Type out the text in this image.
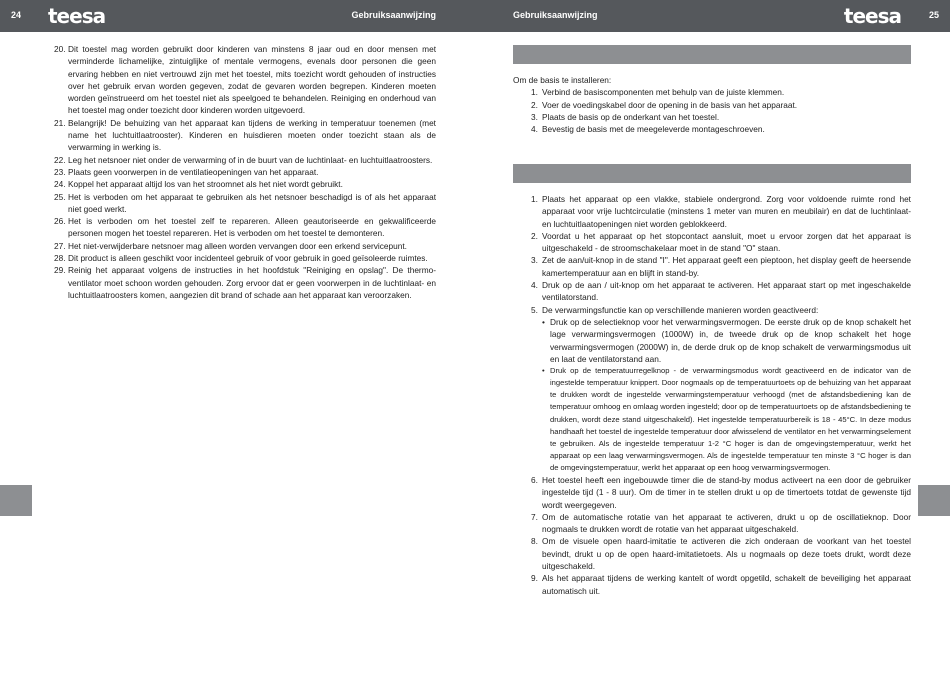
24	teesa	Gebruiksaanwijzing	Gebruiksaanwijzing	teesa	25
20. Dit toestel mag worden gebruikt door kinderen van minstens 8 jaar oud en door mensen met verminderde lichamelijke, zintuiglijke of mentale vermogens, evenals door personen die geen ervaring hebben en niet vertrouwd zijn met het toestel, mits toezicht wordt gehouden of instructies over het gebruik ervan worden gegeven, zodat de gevaren worden begrepen. Kinderen moeten worden geïnstrueerd om het toestel niet als speelgoed te behandelen. Reiniging en onderhoud van het toestel mag onder toezicht door kinderen worden uitgevoerd.
21. Belangrijk! De behuizing van het apparaat kan tijdens de werking in temperatuur toenemen (met name het luchtuitlaatrooster). Kinderen en huisdieren moeten onder toezicht staan als de verwarming in werking is.
22. Leg het netsnoer niet onder de verwarming of in de buurt van de luchtinlaat- en luchtuitlaatroosters.
23. Plaats geen voorwerpen in de ventilatieopeningen van het apparaat.
24. Koppel het apparaat altijd los van het stroomnet als het niet wordt gebruikt.
25. Het is verboden om het apparaat te gebruiken als het netsnoer beschadigd is of als het apparaat niet goed werkt.
26. Het is verboden om het toestel zelf te repareren. Alleen geautoriseerde en gekwalificeerde personen mogen het toestel repareren. Het is verboden om het toestel te demonteren.
27. Het niet-verwijderbare netsnoer mag alleen worden vervangen door een erkend servicepunt.
28. Dit product is alleen geschikt voor incidenteel gebruik of voor gebruik in goed geïsoleerde ruimtes.
29. Reinig het apparaat volgens de instructies in het hoofdstuk "Reiniging en opslag". De thermo-ventilator moet schoon worden gehouden. Zorg ervoor dat er geen voorwerpen in de luchtinlaat- en luchtuitlaatroosters komen, aangezien dit brand of schade aan het apparaat kan veroorzaken.

Om de basis te installeren:

1. Verbind de basiscomponenten met behulp van de juiste klemmen.
2. Voer de voedingskabel door de opening in de basis van het apparaat.
3. Plaats de basis op de onderkant van het toestel.
4. Bevestig de basis met de meegeleverde montageschroeven.
1. Plaats het apparaat op een vlakke, stabiele ondergrond. Zorg voor voldoende ruimte rond het apparaat voor vrije luchtcirculatie (minstens 1 meter van muren en meubilair) en dat de luchtinlaat- en luchtuitlaatopeningen niet worden geblokkeerd.
2. Voordat u het apparaat op het stopcontact aansluit, moet u ervoor zorgen dat het apparaat is uitgeschakeld - de stroomschakelaar moet in de stand "O" staan.
3. Zet de aan/uit-knop in de stand "I". Het apparaat geeft een pieptoon, het display geeft de heersende kamertemperatuur aan en blijft in stand-by.
4. Druk op de aan / uit-knop om het apparaat te activeren. Het apparaat start op met ingeschakelde ventilatorstand.
5. De verwarmingsfunctie kan op verschillende manieren worden geactiveerd:
• Druk op de selectieknop voor het verwarmingsvermogen. De eerste druk op de knop schakelt het lage verwarmingsvermogen (1000W) in, de tweede druk op de knop schakelt het hoge verwarmingsvermogen (2000W) in, de derde druk op de knop schakelt de verwarmingsmodus uit en laat de ventilatorstand aan.
• Druk op de temperatuurregelknop - de verwarmingsmodus wordt geactiveerd en de indicator van de ingestelde temperatuur knippert. Door nogmaals op de temperatuurtoets op de behuizing van het apparaat te drukken wordt de ingestelde verwarmingstemperatuur verhoogd (met de afstandsbediening kan de temperatuur omhoog en omlaag worden ingesteld; door op de temperatuurtoets op de afstandsbediening te drukken, wordt deze stand uitgeschakeld). Het ingestelde temperatuurbereik is 18 - 45°C. In deze modus handhaaft het toestel de ingestelde temperatuur door afwisselend de ventilator en het verwarmingselement te gebruiken. Als de ingestelde temperatuur 1-2 °C hoger is dan de omgevingstemperatuur, werkt het apparaat op een laag verwarmingsvermogen. Als de ingestelde temperatuur ten minste 3 °C hoger is dan de omgevingstemperatuur, werkt het apparaat op een hoog verwarmingsvermogen.
6. Het toestel heeft een ingebouwde timer die de stand-by modus activeert na een door de gebruiker ingestelde tijd (1 - 8 uur). Om de timer in te stellen drukt u op de timertoets totdat de gewenste tijd wordt weergegeven.
7. Om de automatische rotatie van het apparaat te activeren, drukt u op de oscillatieknop. Door nogmaals te drukken wordt de rotatie van het apparaat uitgeschakeld.
8. Om de visuele open haard-imitatie te activeren die zich onderaan de voorkant van het toestel bevindt, drukt u op de open haard-imitatietoets. Als u nogmaals op deze toets drukt, wordt deze uitgeschakeld.
9. Als het apparaat tijdens de werking kantelt of wordt opgetild, schakelt de beveiliging het apparaat automatisch uit.
